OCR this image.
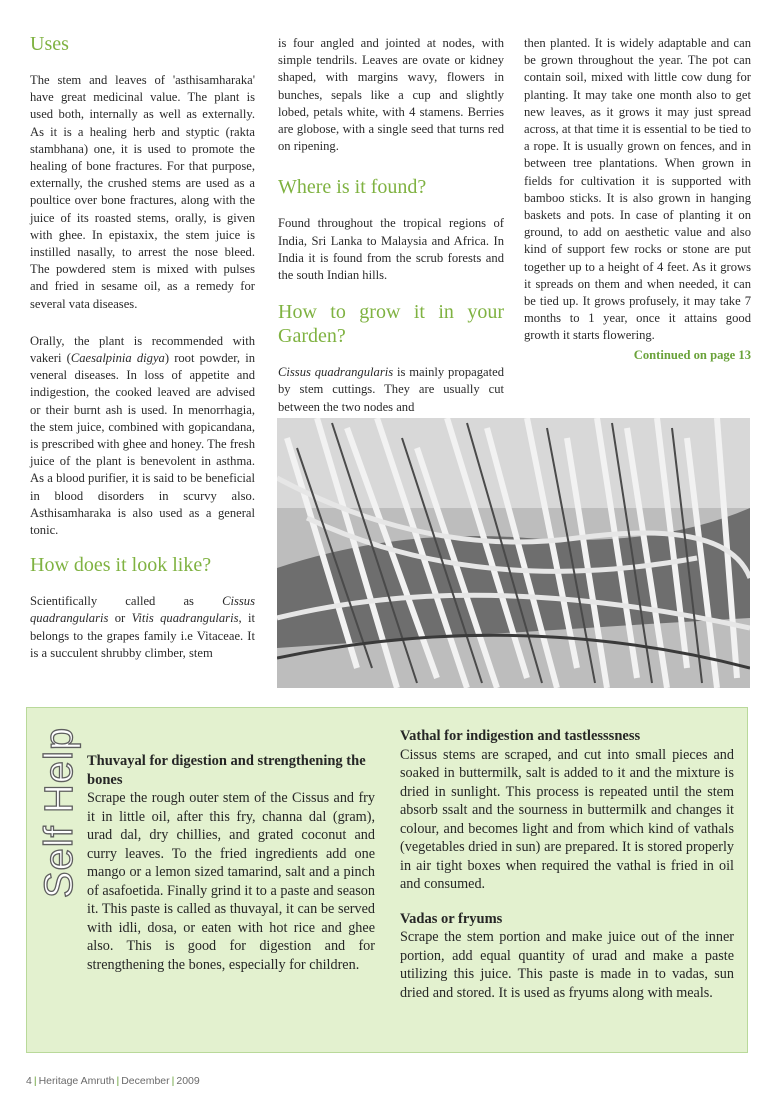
Uses

The stem and leaves of 'asthisamharaka' have great medicinal value. The plant is used both, internally as well as externally. As it is a healing herb and styptic (rakta stambhana) one, it is used to promote the healing of bone fractures. For that purpose, externally, the crushed stems are used as a poultice over bone fractures, along with the juice of its roasted stems, orally, is given with ghee. In epistaxix, the stem juice is instilled nasally, to arrest the nose bleed. The powdered stem is mixed with pulses and fried in sesame oil, as a remedy for several vata diseases.

Orally, the plant is recommended with vakeri (Caesalpinia digya) root powder, in veneral diseases. In loss of appetite and indigestion, the cooked leaved are advised or their burnt ash is used. In menorrhagia, the stem juice, combined with gopicandana, is prescribed with ghee and honey. The fresh juice of the plant is benevolent in asthma. As a blood purifier, it is said to be beneficial in blood disorders in scurvy also. Asthisamharaka is also used as a general tonic.

How does it look like?

Scientifically called as Cissus quadrangularis or Vitis quadrangularis, it belongs to the grapes family i.e Vitaceae. It is a succulent shrubby climber, stem

is four angled and jointed at nodes, with simple tendrils. Leaves are ovate or kidney shaped, with margins wavy, flowers in bunches, sepals like a cup and slightly lobed, petals white, with 4 stamens. Berries are globose, with a single seed that turns red on ripening.

Where is it found?

Found throughout the tropical regions of India, Sri Lanka to Malaysia and Africa. In India it is found from the scrub forests and the south Indian hills.

How to grow it in your Garden?

Cissus quadrangularis is mainly propagated by stem cuttings. They are usually cut between the two nodes and

then planted. It is widely adaptable and can be grown throughout the year. The pot can contain soil, mixed with little cow dung for planting. It may take one month also to get new leaves, as it grows it may just spread across, at that time it is essential to be tied to a rope. It is usually grown on fences, and in between tree plantations. When grown in fields for cultivation it is supported with bamboo sticks. It is also grown in hanging baskets and pots. In case of planting it on ground, to add on aesthetic value and also kind of support few rocks or stone are put together up to a height of 4 feet. As it grows it spreads on them and when needed, it can be tied up. It grows profusely, it may take 7 months to 1 year, once it attains good growth it starts flowering.

Continued on page 13
Self Help Thuvayal for digestion and strengthening the bones
Scrape the rough outer stem of the Cissus and fry it in little oil, after this fry, channa dal (gram), urad dal, dry chillies, and grated coconut and curry leaves. To the fried ingredients add one mango or a lemon sized tamarind, salt and a pinch of asafoetida. Finally grind it to a paste and season it. This paste is called as thuvayal, it can be served with idli, dosa, or eaten with hot rice and ghee also. This is good for digestion and for strengthening the bones, especially for children.
Vathal for indigestion and tastlesssness
Cissus stems are scraped, and cut into small pieces and soaked in buttermilk, salt is added to it and the mixture is dried in sunlight. This process is repeated until the stem absorb ssalt and the sourness in buttermilk and changes it colour, and becomes light and from which kind of vathals (vegetables dried in sun) are prepared. It is stored properly in air tight boxes when required the vathal is fried in oil and consumed.
Vadas or fryums
Scrape the stem portion and make juice out of the inner portion, add equal quantity of urad and make a paste utilizing this juice. This paste is made in to vadas, sun dried and stored. It is used as fryums along with meals.
4 | Heritage Amruth | December | 2009
